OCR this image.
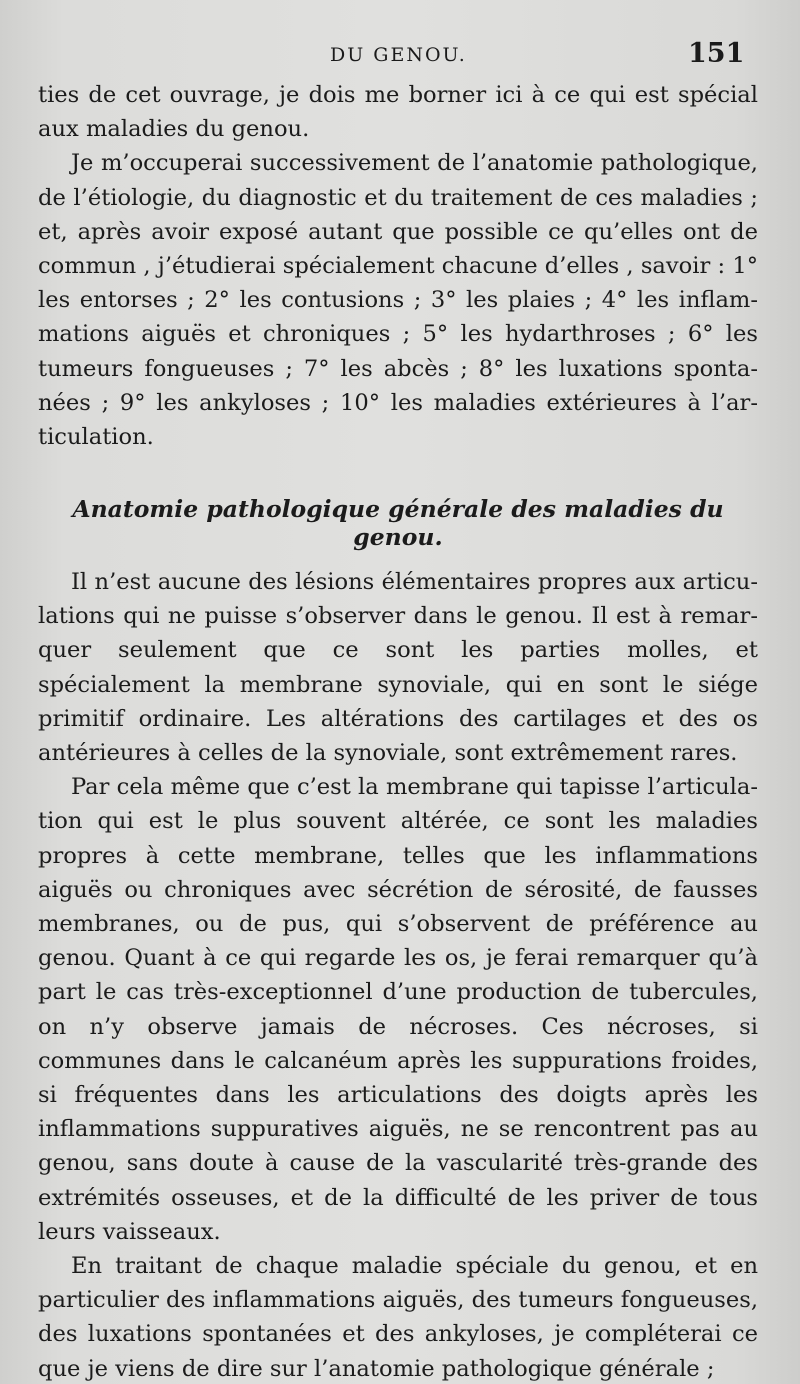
DU GENOU.	151

ties de cet ouvrage, je dois me borner ici à ce qui est spécial aux maladies du genou.

Je m’occuperai successivement de l’anatomie pathologique, de l’étiologie, du diagnostic et du traitement de ces maladies ; et, après avoir exposé autant que possible ce qu’elles ont de commun , j’étudierai spécialement chacune d’elles , savoir : 1° les entorses ; 2° les contusions ; 3° les plaies ; 4° les inflammations aiguës et chroniques ; 5° les hydarthroses ; 6° les tumeurs fongueuses ; 7° les abcès ; 8° les luxations spontanées ; 9° les ankyloses ; 10° les maladies extérieures à l’articulation.

Anatomie pathologique générale des maladies du genou.

Il n’est aucune des lésions élémentaires propres aux articulations qui ne puisse s’observer dans le genou. Il est à remarquer seulement que ce sont les parties molles, et spécialement la membrane synoviale, qui en sont le siége primitif ordinaire. Les altérations des cartilages et des os antérieures à celles de la synoviale, sont extrêmement rares.

Par cela même que c’est la membrane qui tapisse l’articulation qui est le plus souvent altérée, ce sont les maladies propres à cette membrane, telles que les inflammations aiguës ou chroniques avec sécrétion de sérosité, de fausses membranes, ou de pus, qui s’observent de préférence au genou. Quant à ce qui regarde les os, je ferai remarquer qu’à part le cas très-exceptionnel d’une production de tubercules, on n’y observe jamais de nécroses. Ces nécroses, si communes dans le calcanéum après les suppurations froides, si fréquentes dans les articulations des doigts après les inflammations suppuratives aiguës, ne se rencontrent pas au genou, sans doute à cause de la vascularité très-grande des extrémités osseuses, et de la difficulté de les priver de tous leurs vaisseaux.

En traitant de chaque maladie spéciale du genou, et en particulier des inflammations aiguës, des tumeurs fongueuses, des luxations spontanées et des ankyloses, je compléterai ce que je viens de dire sur l’anatomie pathologique générale ;
